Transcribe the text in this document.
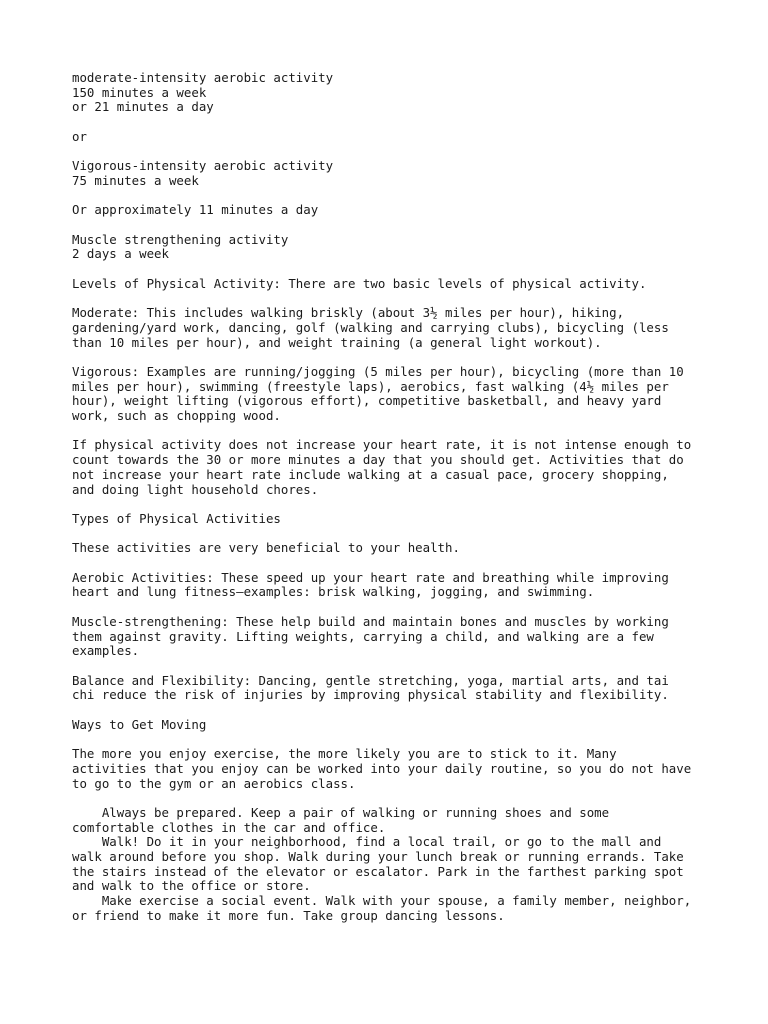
moderate-intensity aerobic activity
150 minutes a week
or 21 minutes a day
or
Vigorous-intensity aerobic activity
75 minutes a week
Or approximately 11 minutes a day
Muscle strengthening activity
2 days a week
Levels of Physical Activity: There are two basic levels of physical activity.
Moderate: This includes walking briskly (about 3½ miles per hour), hiking,
gardening/yard work, dancing, golf (walking and carrying clubs), bicycling (less
than 10 miles per hour), and weight training (a general light workout).
Vigorous: Examples are running/jogging (5 miles per hour), bicycling (more than 10
miles per hour), swimming (freestyle laps), aerobics, fast walking (4½ miles per
hour), weight lifting (vigorous effort), competitive basketball, and heavy yard
work, such as chopping wood.
If physical activity does not increase your heart rate, it is not intense enough to
count towards the 30 or more minutes a day that you should get. Activities that do
not increase your heart rate include walking at a casual pace, grocery shopping,
and doing light household chores.
Types of Physical Activities
These activities are very beneficial to your health.
Aerobic Activities: These speed up your heart rate and breathing while improving
heart and lung fitness—examples: brisk walking, jogging, and swimming.
Muscle-strengthening: These help build and maintain bones and muscles by working
them against gravity. Lifting weights, carrying a child, and walking are a few
examples.
Balance and Flexibility: Dancing, gentle stretching, yoga, martial arts, and tai
chi reduce the risk of injuries by improving physical stability and flexibility.
Ways to Get Moving
The more you enjoy exercise, the more likely you are to stick to it. Many
activities that you enjoy can be worked into your daily routine, so you do not have
to go to the gym or an aerobics class.
Always be prepared. Keep a pair of walking or running shoes and some
comfortable clothes in the car and office.
Walk! Do it in your neighborhood, find a local trail, or go to the mall and
walk around before you shop. Walk during your lunch break or running errands. Take
the stairs instead of the elevator or escalator. Park in the farthest parking spot
and walk to the office or store.
Make exercise a social event. Walk with your spouse, a family member, neighbor,
or friend to make it more fun. Take group dancing lessons.
